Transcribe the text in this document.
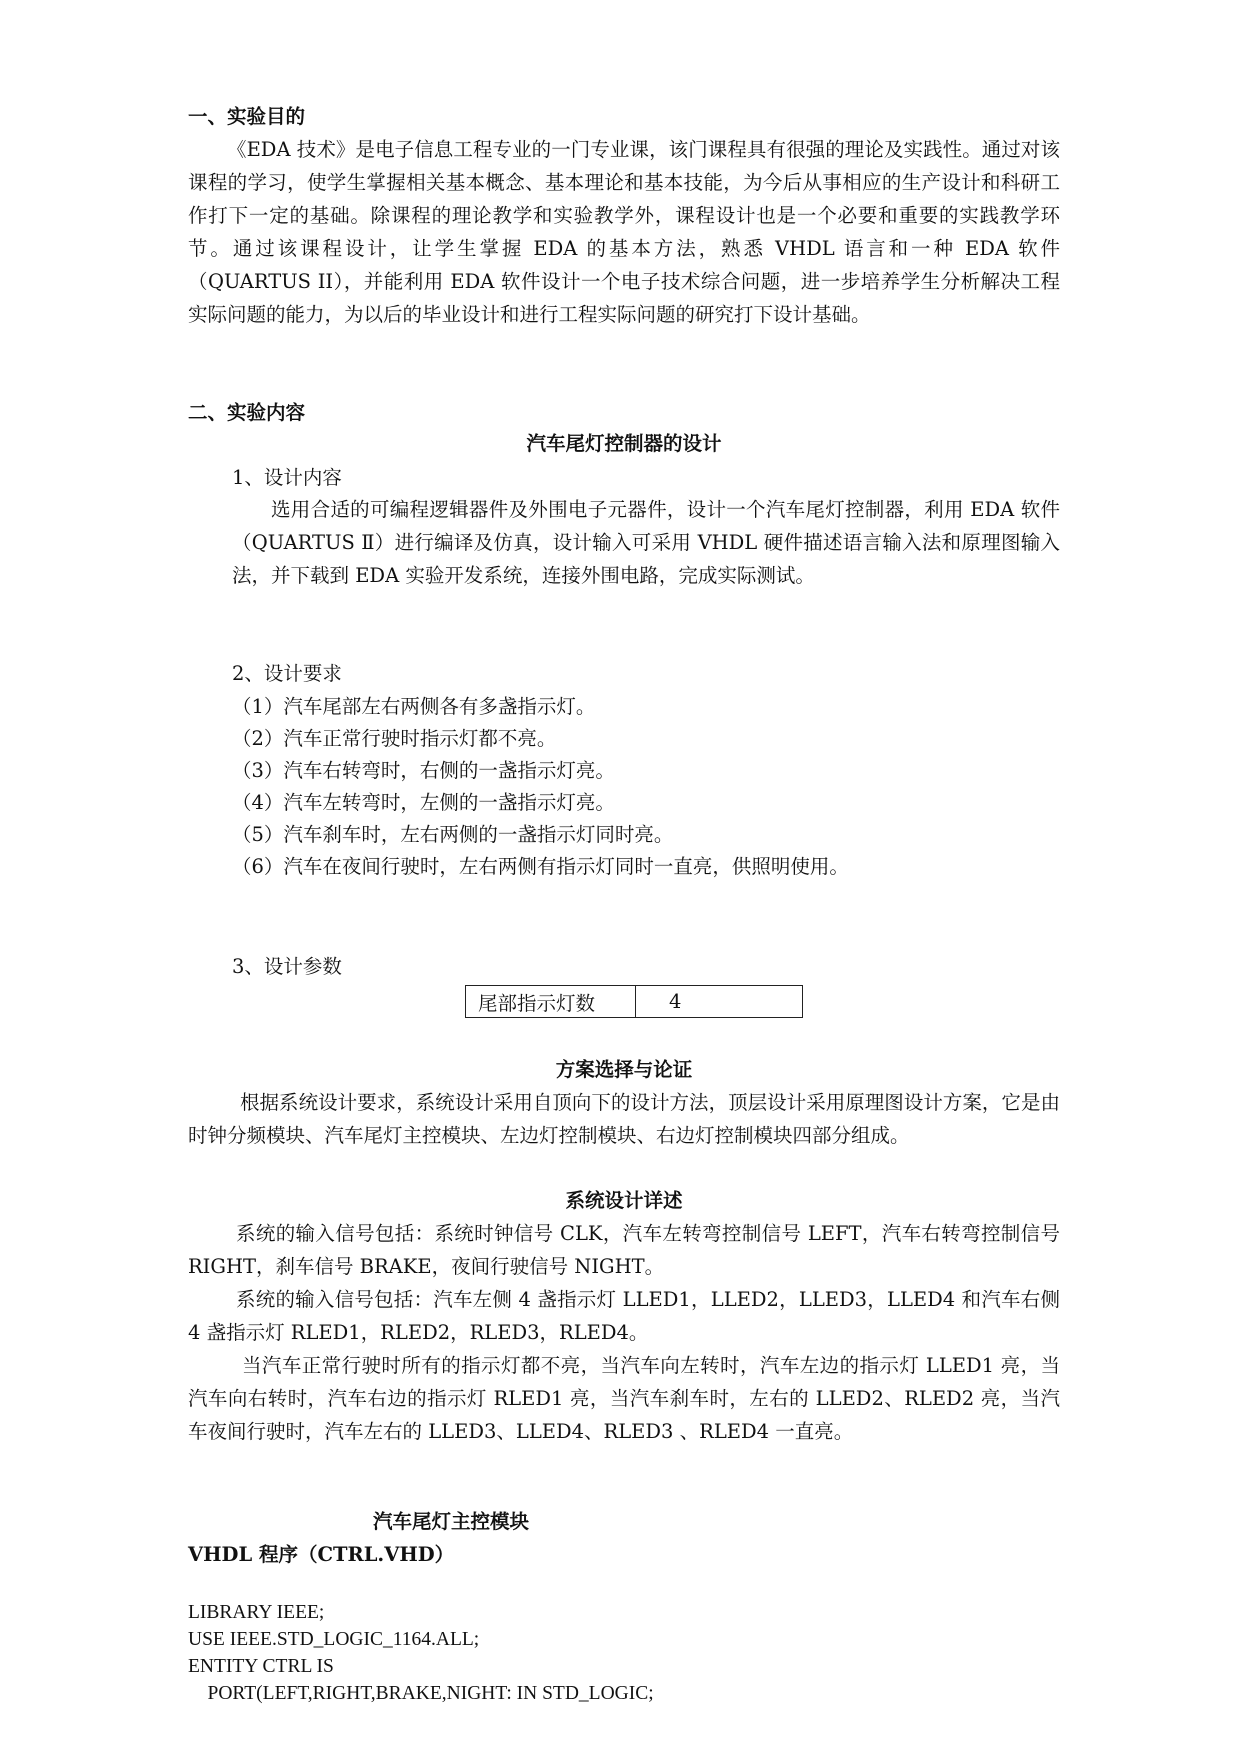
一、实验目的
《EDA 技术》是电子信息工程专业的一门专业课，该门课程具有很强的理论及实践性。通过对该课程的学习，使学生掌握相关基本概念、基本理论和基本技能，为今后从事相应的生产设计和科研工作打下一定的基础。除课程的理论教学和实验教学外，课程设计也是一个必要和重要的实践教学环节。通过该课程设计，让学生掌握 EDA 的基本方法，熟悉 VHDL 语言和一种 EDA 软件（QUARTUS II），并能利用 EDA 软件设计一个电子技术综合问题，进一步培养学生分析解决工程实际问题的能力，为以后的毕业设计和进行工程实际问题的研究打下设计基础。
二、实验内容
汽车尾灯控制器的设计
1、设计内容
选用合适的可编程逻辑器件及外围电子元器件，设计一个汽车尾灯控制器，利用 EDA 软件（QUARTUS Ⅱ）进行编译及仿真，设计输入可采用 VHDL 硬件描述语言输入法和原理图输入法，并下载到 EDA 实验开发系统，连接外围电路，完成实际测试。
2、设计要求
（1）汽车尾部左右两侧各有多盏指示灯。
（2）汽车正常行驶时指示灯都不亮。
（3）汽车右转弯时，右侧的一盏指示灯亮。
（4）汽车左转弯时，左侧的一盏指示灯亮。
（5）汽车刹车时，左右两侧的一盏指示灯同时亮。
（6）汽车在夜间行驶时，左右两侧有指示灯同时一直亮，供照明使用。
3、设计参数
尾部指示灯数	4
方案选择与论证
根据系统设计要求，系统设计采用自顶向下的设计方法，顶层设计采用原理图设计方案，它是由时钟分频模块、汽车尾灯主控模块、左边灯控制模块、右边灯控制模块四部分组成。
系统设计详述
系统的输入信号包括：系统时钟信号 CLK，汽车左转弯控制信号 LEFT，汽车右转弯控制信号 RIGHT，刹车信号 BRAKE，夜间行驶信号 NIGHT。
系统的输入信号包括：汽车左侧 4 盏指示灯 LLED1，LLED2，LLED3，LLED4 和汽车右侧 4 盏指示灯 RLED1，RLED2，RLED3，RLED4。
当汽车正常行驶时所有的指示灯都不亮，当汽车向左转时，汽车左边的指示灯 LLED1 亮，当汽车向右转时，汽车右边的指示灯 RLED1 亮，当汽车刹车时，左右的 LLED2、RLED2 亮，当汽车夜间行驶时，汽车左右的 LLED3、LLED4、RLED3 、RLED4 一直亮。
汽车尾灯主控模块
VHDL 程序（CTRL.VHD）
LIBRARY IEEE;
USE IEEE.STD_LOGIC_1164.ALL;
ENTITY CTRL IS
PORT(LEFT,RIGHT,BRAKE,NIGHT: IN STD_LOGIC;
